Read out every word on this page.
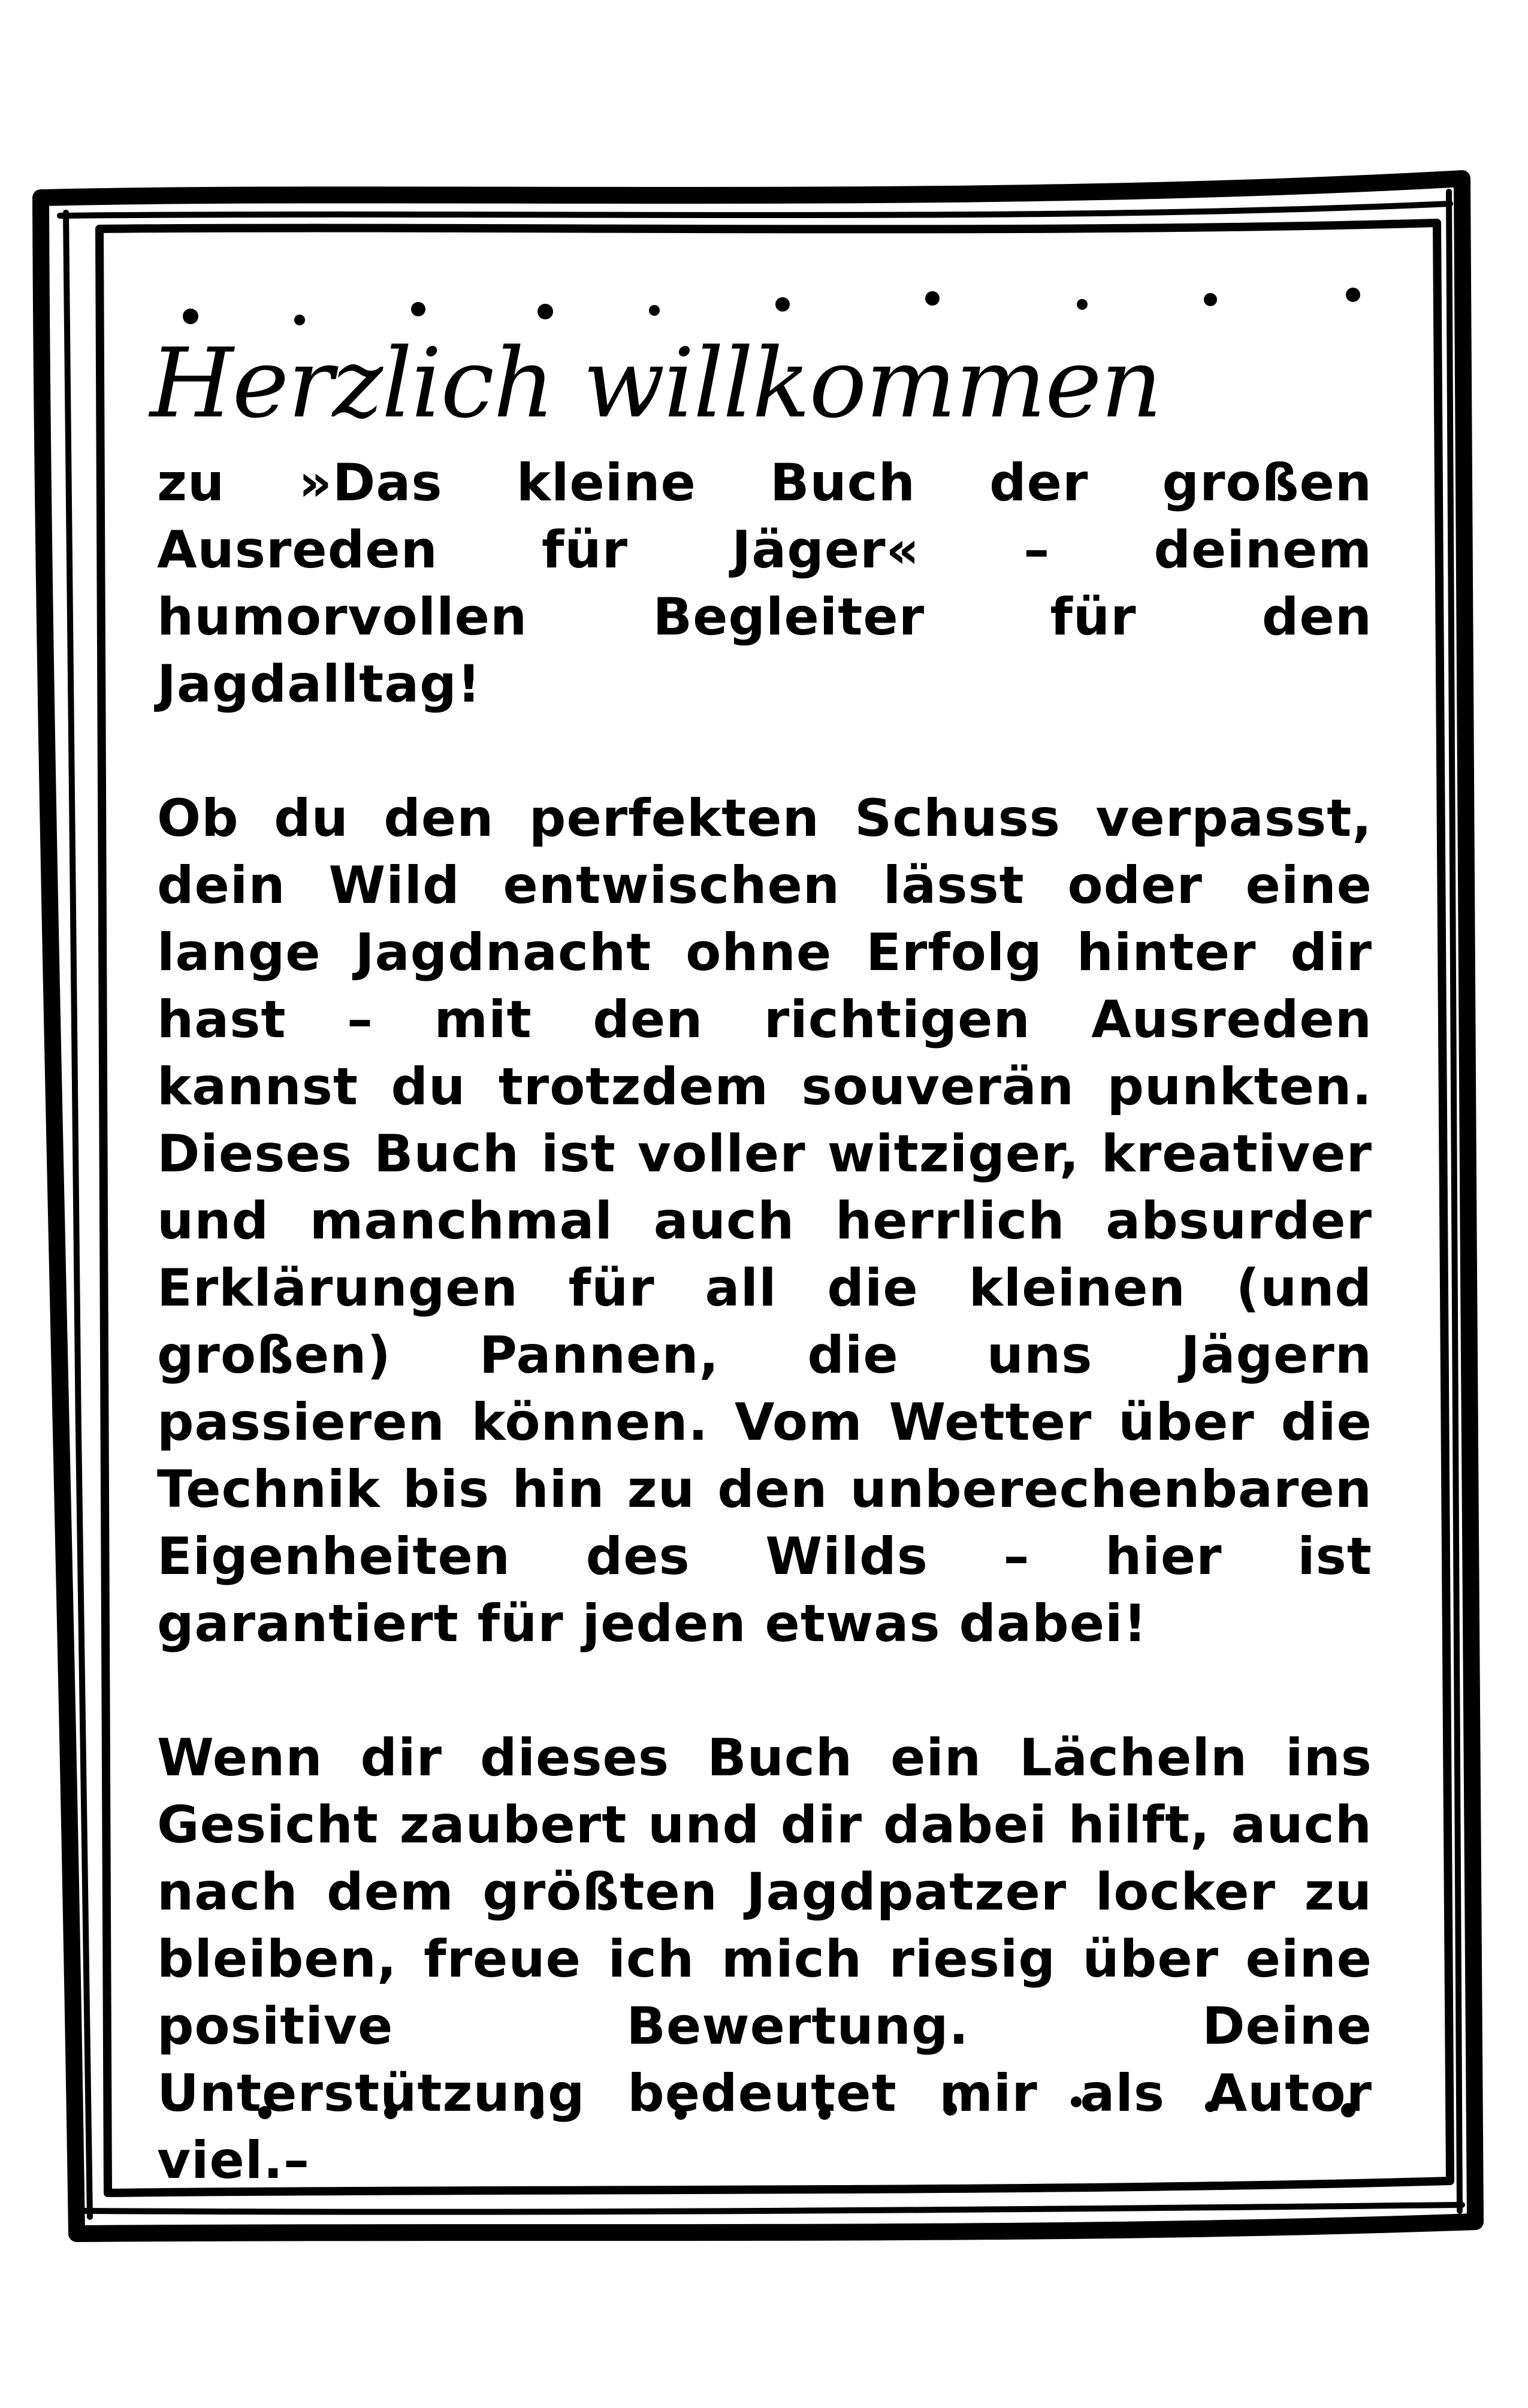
Herzlich willkommen

zu »Das kleine Buch der großen Ausreden für Jäger« – deinem humorvollen Begleiter für den Jagdalltag!

Ob du den perfekten Schuss verpasst, dein Wild entwischen lässt oder eine lange Jagdnacht ohne Erfolg hinter dir hast – mit den richtigen Ausreden kannst du trotzdem souverän punkten. Dieses Buch ist voller witziger, kreativer und manchmal auch herrlich absurder Erklärungen für all die kleinen (und großen) Pannen, die uns Jägern passieren können. Vom Wetter über die Technik bis hin zu den unberechenbaren Eigenheiten des Wilds – hier ist garantiert für jeden etwas dabei!

Wenn dir dieses Buch ein Lächeln ins Gesicht zaubert und dir dabei hilft, auch nach dem größten Jagdpatzer locker zu bleiben, freue ich mich riesig über eine positive Bewertung. Deine Unterstützung bedeutet mir als Autor viel.–
